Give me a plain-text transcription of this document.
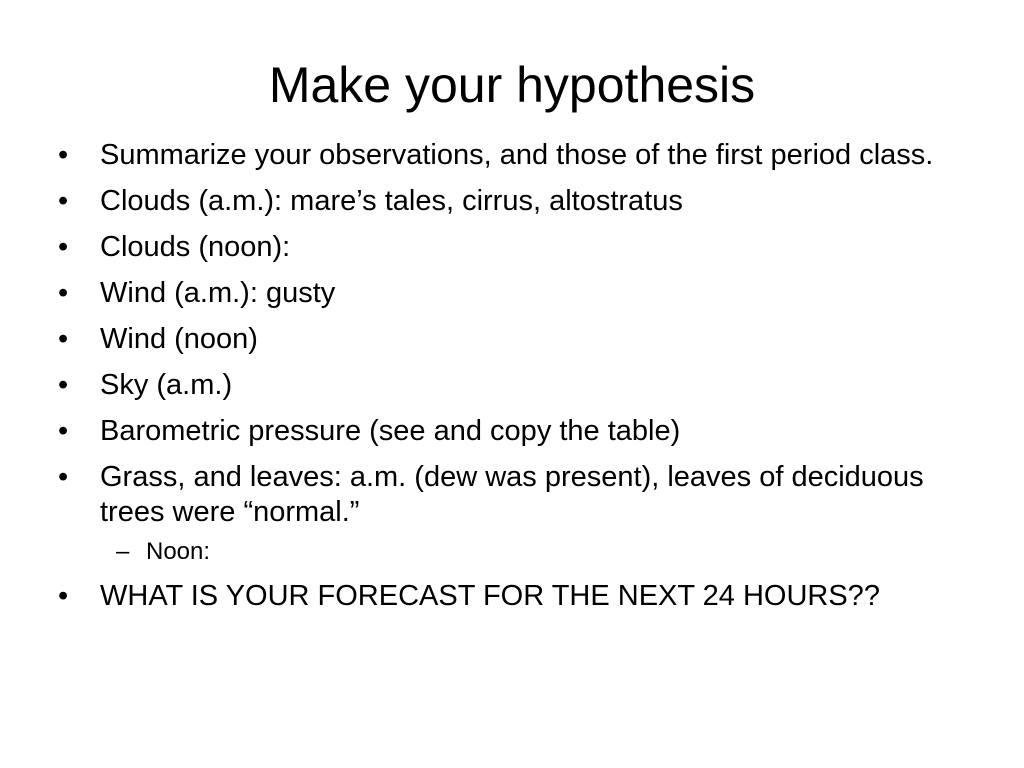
Make your hypothesis
•	Summarize your observations, and those of the first period class.
•	Clouds (a.m.): mare’s tales, cirrus, altostratus
•	Clouds (noon):
•	Wind (a.m.): gusty
•	Wind (noon)
•	Sky (a.m.)
•	Barometric pressure (see and copy the table)
•	Grass, and leaves: a.m. (dew was present), leaves of deciduous trees were “normal.”
– Noon:
•	WHAT IS YOUR FORECAST FOR THE NEXT 24 HOURS??
